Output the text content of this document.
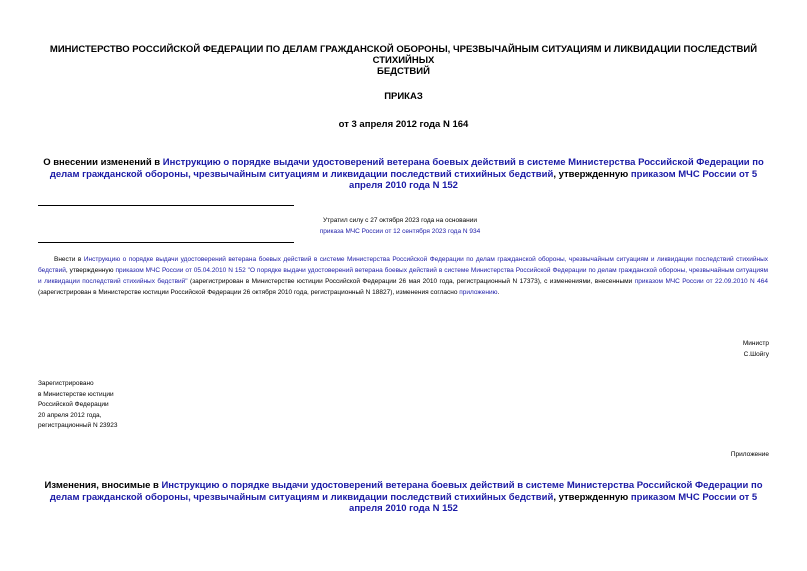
МИНИСТЕРСТВО РОССИЙСКОЙ ФЕДЕРАЦИИ ПО ДЕЛАМ ГРАЖДАНСКОЙ ОБОРОНЫ, ЧРЕЗВЫЧАЙНЫМ СИТУАЦИЯМ И ЛИКВИДАЦИИ ПОСЛЕДСТВИЙ СТИХИЙНЫХ
БЕДСТВИЙ
ПРИКАЗ
от 3 апреля 2012 года N 164
О внесении изменений в Инструкцию о порядке выдачи удостоверений ветерана боевых действий в системе Министерства Российской Федерации по делам гражданской обороны, чрезвычайным ситуациям и ликвидации последствий стихийных бедствий, утвержденную приказом МЧС России от 5 апреля 2010 года N 152
Утратил силу с 27 октября 2023 года на основании
приказа МЧС России от 12 сентября 2023 года N 934
Внести в Инструкцию о порядке выдачи удостоверений ветерана боевых действий в системе Министерства Российской Федерации по делам гражданской обороны, чрезвычайным ситуациям и ликвидации последствий стихийных бедствий, утвержденную приказом МЧС России от 05.04.2010 N 152 "О порядке выдачи удостоверений ветерана боевых действий в системе Министерства Российской Федерации по делам гражданской обороны, чрезвычайным ситуациям и ликвидации последствий стихийных бедствий" (зарегистрирован в Министерстве юстиции Российской Федерации 26 мая 2010 года, регистрационный N 17373), с изменениями, внесенными приказом МЧС России от 22.09.2010 N 464 (зарегистрирован в Министерстве юстиции Российской Федерации 26 октября 2010 года, регистрационный N 18827), изменения согласно приложению.
Министр
С.Шойгу
Зарегистрировано
в Министерстве юстиции
Российской Федерации
20 апреля 2012 года,
регистрационный N 23923
Приложение
Изменения, вносимые в Инструкцию о порядке выдачи удостоверений ветерана боевых действий в системе Министерства Российской Федерации по делам гражданской обороны, чрезвычайным ситуациям и ликвидации последствий стихийных бедствий, утвержденную приказом МЧС России от 5 апреля 2010 года N 152
